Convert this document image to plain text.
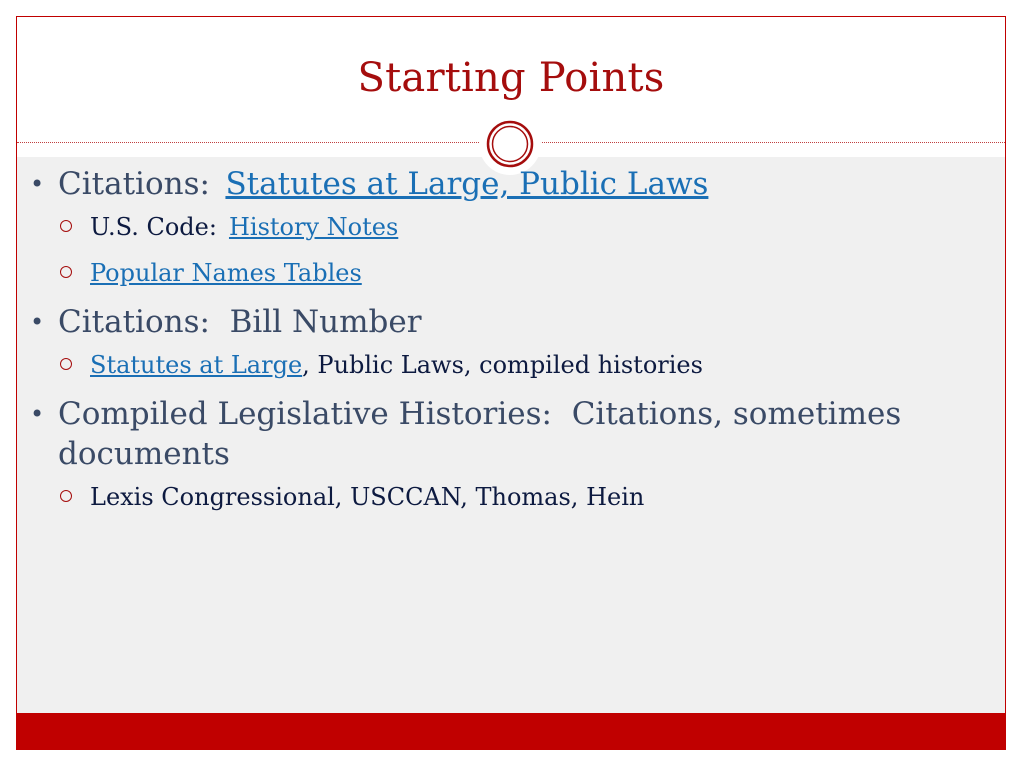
Starting Points
• Citations: Statutes at Large, Public Laws
U.S. Code: History Notes
Popular Names Tables
• Citations:  Bill Number
Statutes at Large, Public Laws, compiled histories
• Compiled Legislative Histories:  Citations, sometimes documents
Lexis Congressional, USCCAN, Thomas, Hein
